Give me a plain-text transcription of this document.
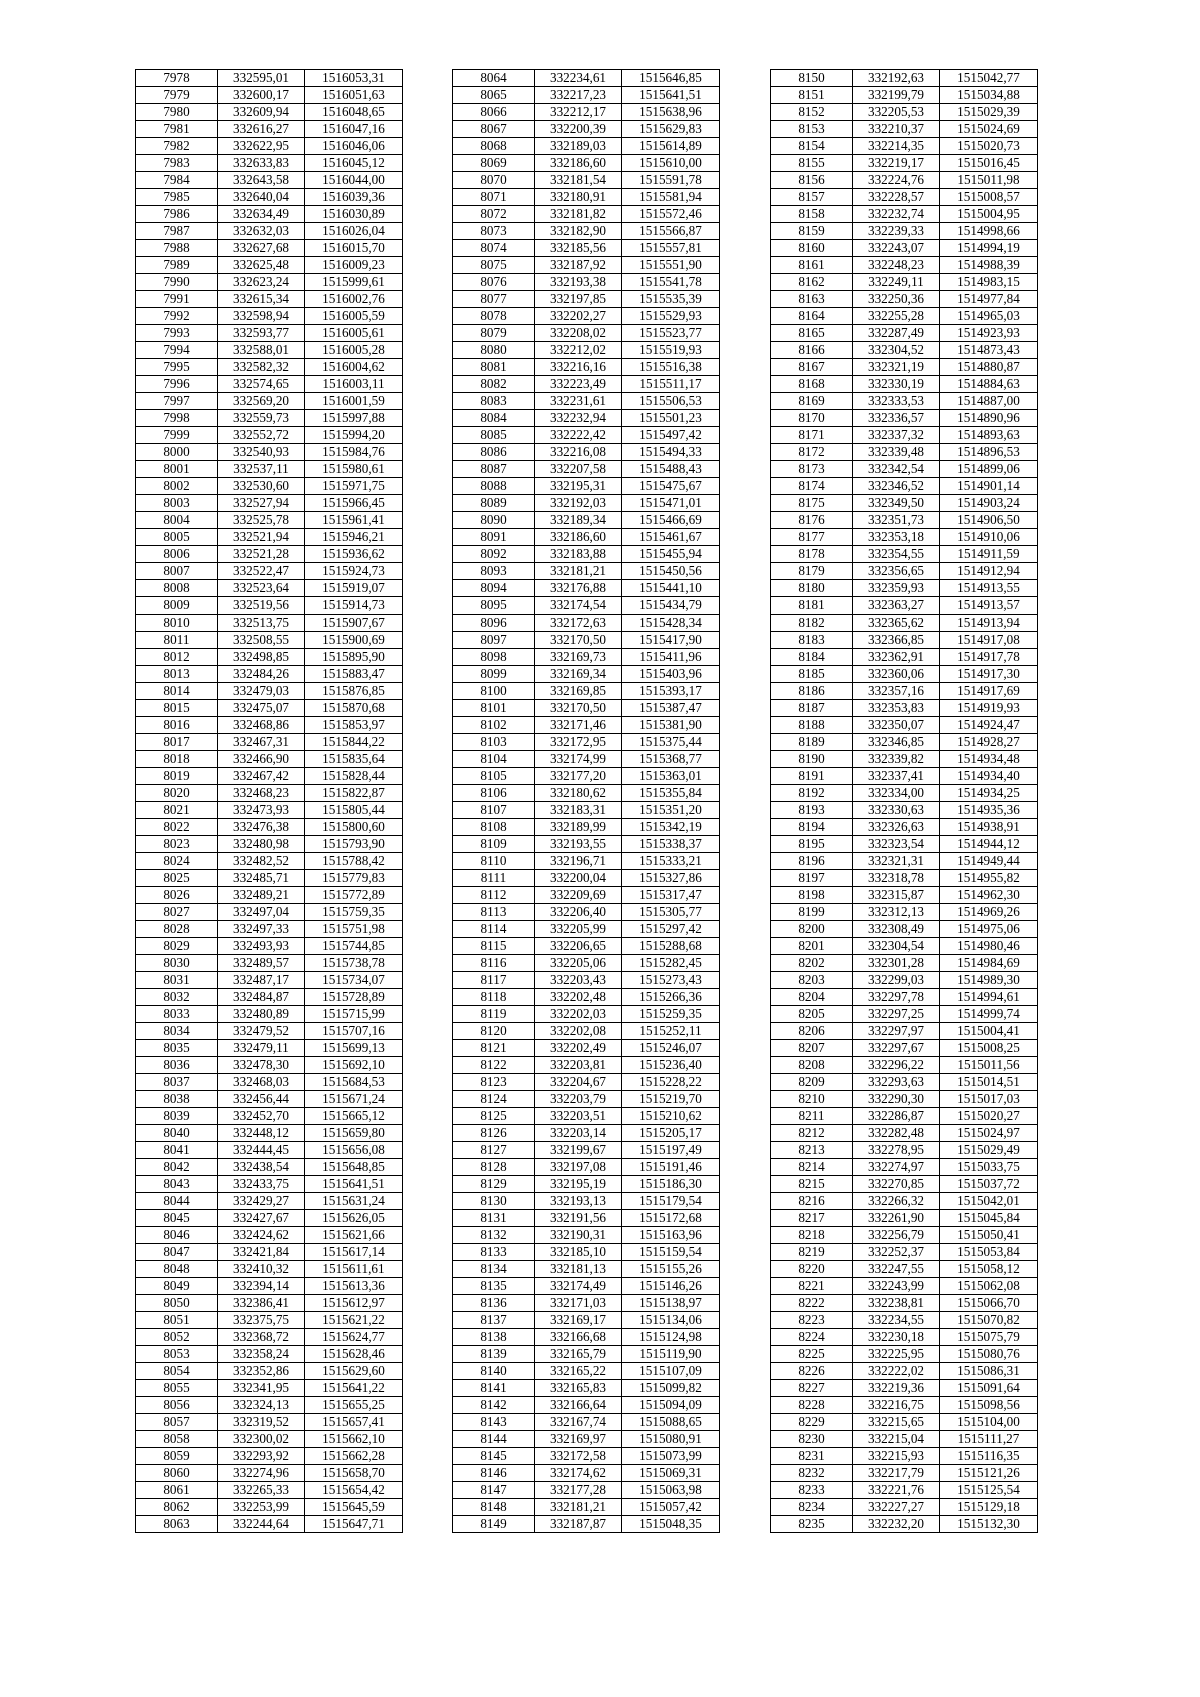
7978	332595,01	1516053,31
7979	332600,17	1516051,63
7980	332609,94	1516048,65
7981	332616,27	1516047,16
7982	332622,95	1516046,06
7983	332633,83	1516045,12
7984	332643,58	1516044,00
7985	332640,04	1516039,36
7986	332634,49	1516030,89
7987	332632,03	1516026,04
7988	332627,68	1516015,70
7989	332625,48	1516009,23
7990	332623,24	1515999,61
7991	332615,34	1516002,76
7992	332598,94	1516005,59
7993	332593,77	1516005,61
7994	332588,01	1516005,28
7995	332582,32	1516004,62
7996	332574,65	1516003,11
7997	332569,20	1516001,59
7998	332559,73	1515997,88
7999	332552,72	1515994,20
8000	332540,93	1515984,76
8001	332537,11	1515980,61
8002	332530,60	1515971,75
8003	332527,94	1515966,45
8004	332525,78	1515961,41
8005	332521,94	1515946,21
8006	332521,28	1515936,62
8007	332522,47	1515924,73
8008	332523,64	1515919,07
8009	332519,56	1515914,73
8010	332513,75	1515907,67
8011	332508,55	1515900,69
8012	332498,85	1515895,90
8013	332484,26	1515883,47
8014	332479,03	1515876,85
8015	332475,07	1515870,68
8016	332468,86	1515853,97
8017	332467,31	1515844,22
8018	332466,90	1515835,64
8019	332467,42	1515828,44
8020	332468,23	1515822,87
8021	332473,93	1515805,44
8022	332476,38	1515800,60
8023	332480,98	1515793,90
8024	332482,52	1515788,42
8025	332485,71	1515779,83
8026	332489,21	1515772,89
8027	332497,04	1515759,35
8028	332497,33	1515751,98
8029	332493,93	1515744,85
8030	332489,57	1515738,78
8031	332487,17	1515734,07
8032	332484,87	1515728,89
8033	332480,89	1515715,99
8034	332479,52	1515707,16
8035	332479,11	1515699,13
8036	332478,30	1515692,10
8037	332468,03	1515684,53
8038	332456,44	1515671,24
8039	332452,70	1515665,12
8040	332448,12	1515659,80
8041	332444,45	1515656,08
8042	332438,54	1515648,85
8043	332433,75	1515641,51
8044	332429,27	1515631,24
8045	332427,67	1515626,05
8046	332424,62	1515621,66
8047	332421,84	1515617,14
8048	332410,32	1515611,61
8049	332394,14	1515613,36
8050	332386,41	1515612,97
8051	332375,75	1515621,22
8052	332368,72	1515624,77
8053	332358,24	1515628,46
8054	332352,86	1515629,60
8055	332341,95	1515641,22
8056	332324,13	1515655,25
8057	332319,52	1515657,41
8058	332300,02	1515662,10
8059	332293,92	1515662,28
8060	332274,96	1515658,70
8061	332265,33	1515654,42
8062	332253,99	1515645,59
8063	332244,64	1515647,71
8064	332234,61	1515646,85
8065	332217,23	1515641,51
8066	332212,17	1515638,96
8067	332200,39	1515629,83
8068	332189,03	1515614,89
8069	332186,60	1515610,00
8070	332181,54	1515591,78
8071	332180,91	1515581,94
8072	332181,82	1515572,46
8073	332182,90	1515566,87
8074	332185,56	1515557,81
8075	332187,92	1515551,90
8076	332193,38	1515541,78
8077	332197,85	1515535,39
8078	332202,27	1515529,93
8079	332208,02	1515523,77
8080	332212,02	1515519,93
8081	332216,16	1515516,38
8082	332223,49	1515511,17
8083	332231,61	1515506,53
8084	332232,94	1515501,23
8085	332222,42	1515497,42
8086	332216,08	1515494,33
8087	332207,58	1515488,43
8088	332195,31	1515475,67
8089	332192,03	1515471,01
8090	332189,34	1515466,69
8091	332186,60	1515461,67
8092	332183,88	1515455,94
8093	332181,21	1515450,56
8094	332176,88	1515441,10
8095	332174,54	1515434,79
8096	332172,63	1515428,34
8097	332170,50	1515417,90
8098	332169,73	1515411,96
8099	332169,34	1515403,96
8100	332169,85	1515393,17
8101	332170,50	1515387,47
8102	332171,46	1515381,90
8103	332172,95	1515375,44
8104	332174,99	1515368,77
8105	332177,20	1515363,01
8106	332180,62	1515355,84
8107	332183,31	1515351,20
8108	332189,99	1515342,19
8109	332193,55	1515338,37
8110	332196,71	1515333,21
8111	332200,04	1515327,86
8112	332209,69	1515317,47
8113	332206,40	1515305,77
8114	332205,99	1515297,42
8115	332206,65	1515288,68
8116	332205,06	1515282,45
8117	332203,43	1515273,43
8118	332202,48	1515266,36
8119	332202,03	1515259,35
8120	332202,08	1515252,11
8121	332202,49	1515246,07
8122	332203,81	1515236,40
8123	332204,67	1515228,22
8124	332203,79	1515219,70
8125	332203,51	1515210,62
8126	332203,14	1515205,17
8127	332199,67	1515197,49
8128	332197,08	1515191,46
8129	332195,19	1515186,30
8130	332193,13	1515179,54
8131	332191,56	1515172,68
8132	332190,31	1515163,96
8133	332185,10	1515159,54
8134	332181,13	1515155,26
8135	332174,49	1515146,26
8136	332171,03	1515138,97
8137	332169,17	1515134,06
8138	332166,68	1515124,98
8139	332165,79	1515119,90
8140	332165,22	1515107,09
8141	332165,83	1515099,82
8142	332166,64	1515094,09
8143	332167,74	1515088,65
8144	332169,97	1515080,91
8145	332172,58	1515073,99
8146	332174,62	1515069,31
8147	332177,28	1515063,98
8148	332181,21	1515057,42
8149	332187,87	1515048,35
8150	332192,63	1515042,77
8151	332199,79	1515034,88
8152	332205,53	1515029,39
8153	332210,37	1515024,69
8154	332214,35	1515020,73
8155	332219,17	1515016,45
8156	332224,76	1515011,98
8157	332228,57	1515008,57
8158	332232,74	1515004,95
8159	332239,33	1514998,66
8160	332243,07	1514994,19
8161	332248,23	1514988,39
8162	332249,11	1514983,15
8163	332250,36	1514977,84
8164	332255,28	1514965,03
8165	332287,49	1514923,93
8166	332304,52	1514873,43
8167	332321,19	1514880,87
8168	332330,19	1514884,63
8169	332333,53	1514887,00
8170	332336,57	1514890,96
8171	332337,32	1514893,63
8172	332339,48	1514896,53
8173	332342,54	1514899,06
8174	332346,52	1514901,14
8175	332349,50	1514903,24
8176	332351,73	1514906,50
8177	332353,18	1514910,06
8178	332354,55	1514911,59
8179	332356,65	1514912,94
8180	332359,93	1514913,55
8181	332363,27	1514913,57
8182	332365,62	1514913,94
8183	332366,85	1514917,08
8184	332362,91	1514917,78
8185	332360,06	1514917,30
8186	332357,16	1514917,69
8187	332353,83	1514919,93
8188	332350,07	1514924,47
8189	332346,85	1514928,27
8190	332339,82	1514934,48
8191	332337,41	1514934,40
8192	332334,00	1514934,25
8193	332330,63	1514935,36
8194	332326,63	1514938,91
8195	332323,54	1514944,12
8196	332321,31	1514949,44
8197	332318,78	1514955,82
8198	332315,87	1514962,30
8199	332312,13	1514969,26
8200	332308,49	1514975,06
8201	332304,54	1514980,46
8202	332301,28	1514984,69
8203	332299,03	1514989,30
8204	332297,78	1514994,61
8205	332297,25	1514999,74
8206	332297,97	1515004,41
8207	332297,67	1515008,25
8208	332296,22	1515011,56
8209	332293,63	1515014,51
8210	332290,30	1515017,03
8211	332286,87	1515020,27
8212	332282,48	1515024,97
8213	332278,95	1515029,49
8214	332274,97	1515033,75
8215	332270,85	1515037,72
8216	332266,32	1515042,01
8217	332261,90	1515045,84
8218	332256,79	1515050,41
8219	332252,37	1515053,84
8220	332247,55	1515058,12
8221	332243,99	1515062,08
8222	332238,81	1515066,70
8223	332234,55	1515070,82
8224	332230,18	1515075,79
8225	332225,95	1515080,76
8226	332222,02	1515086,31
8227	332219,36	1515091,64
8228	332216,75	1515098,56
8229	332215,65	1515104,00
8230	332215,04	1515111,27
8231	332215,93	1515116,35
8232	332217,79	1515121,26
8233	332221,76	1515125,54
8234	332227,27	1515129,18
8235	332232,20	1515132,30
